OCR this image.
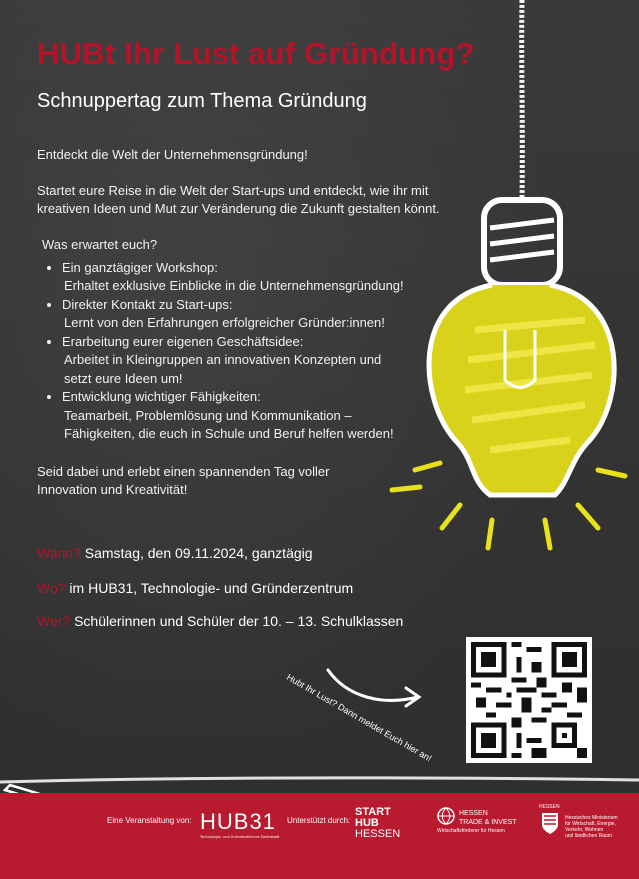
HUBt Ihr Lust auf Gründung?
Schnuppertag zum Thema Gründung
Entdeckt die Welt der Unternehmensgründung!
Startet eure Reise in die Welt der Start-ups und entdeckt, wie ihr mit
kreativen Ideen und Mut zur Veränderung die Zukunft gestalten könnt.
Was erwartet euch?
• Ein ganztägiger Workshop:
Erhaltet exklusive Einblicke in die Unternehmensgründung!
• Direkter Kontakt zu Start-ups:
Lernt von den Erfahrungen erfolgreicher Gründer:innen!
• Erarbeitung eurer eigenen Geschäftsidee:
Arbeitet in Kleingruppen an innovativen Konzepten und
setzt eure Ideen um!
• Entwicklung wichtiger Fähigkeiten:
Teamarbeit, Problemlösung und Kommunikation –
Fähigkeiten, die euch in Schule und Beruf helfen werden!
Seid dabei und erlebt einen spannenden Tag voller
Innovation und Kreativität!
Wann? Samstag, den 09.11.2024, ganztägig
Wo? im HUB31, Technologie- und Gründerzentrum
Wer? Schülerinnen und Schüler der 10. – 13. Schulklassen
Hubt Ihr Lust? Dann meldet Euch hier an!
Eine Veranstaltung von: HUB31
Technologie- und Gründerzentrum Darmstadt
Unterstützt durch:
START
HUB
HESSEN
HESSEN
TRADE & INVEST
Wirtschaftsförderer für Hessen
HESSEN
Hessisches Ministerium
für Wirtschaft, Energie,
Verkehr, Wohnen
und ländlichen Raum
